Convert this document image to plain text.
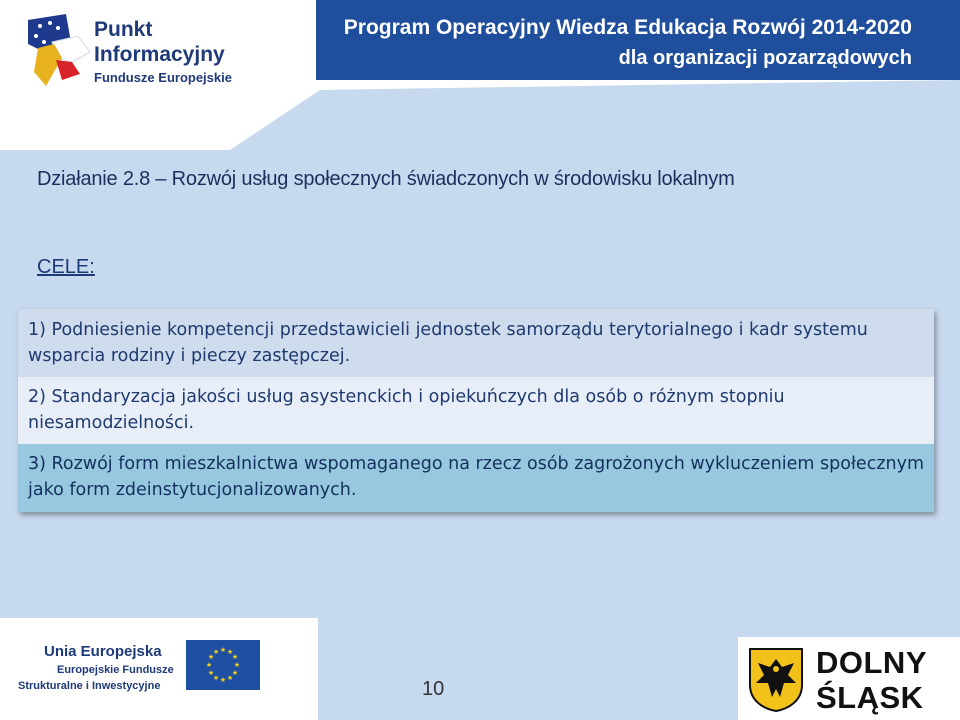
Program Operacyjny Wiedza Edukacja Rozwój 2014-2020
dla organizacji pozarządowych
Punkt
Informacyjny
Fundusze Europejskie
Działanie 2.8 – Rozwój usług społecznych świadczonych w środowisku lokalnym
CELE:
1) Podniesienie kompetencji przedstawicieli jednostek samorządu terytorialnego i kadr systemu wsparcia rodziny i pieczy zastępczej.
2) Standaryzacja jakości usług asystenckich i opiekuńczych dla osób o różnym stopniu niesamodzielności.
3) Rozwój form mieszkalnictwa wspomaganego na rzecz osób zagrożonych wykluczeniem społecznym jako form zdeinstytucjonalizowanych.
Unia Europejska
Europejskie Fundusze
Strukturalne i Inwestycyjne
★ ★
★
★
★
★
★
★
★
★
★
★
10
DOLNY
ŚLĄSK
